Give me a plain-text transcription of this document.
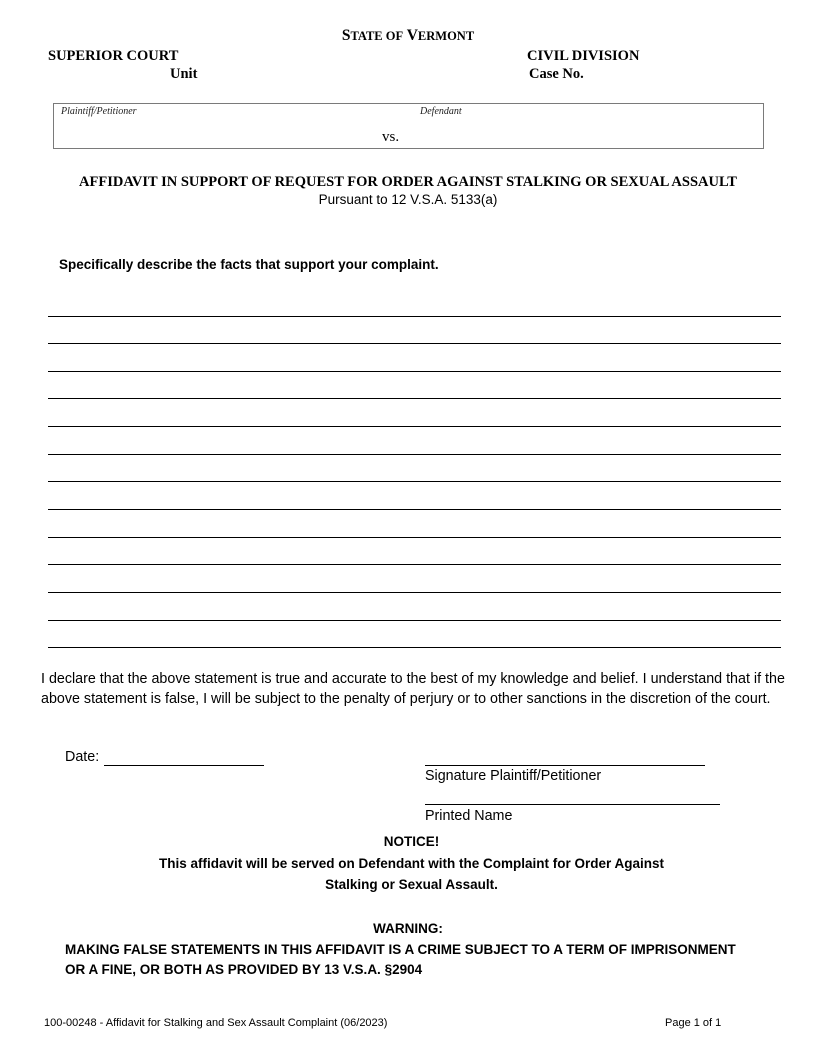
STATE OF VERMONT
SUPERIOR COURT
Unit
CIVIL DIVISION
Case No.
Plaintiff/Petitioner	Defendant
vs.
AFFIDAVIT IN SUPPORT OF REQUEST FOR ORDER AGAINST STALKING OR SEXUAL ASSAULT
Pursuant to 12 V.S.A. 5133(a)
Specifically describe the facts that support your complaint.
I declare that the above statement is true and accurate to the best of my knowledge and belief. I understand that if the above statement is false, I will be subject to the penalty of perjury or to other sanctions in the discretion of the court.
Date:
Signature Plaintiff/Petitioner
Printed Name
NOTICE!
This affidavit will be served on Defendant with the Complaint for Order Against
Stalking or Sexual Assault.
WARNING:
MAKING FALSE STATEMENTS IN THIS AFFIDAVIT IS A CRIME SUBJECT TO A TERM OF IMPRISONMENT
OR A FINE, OR BOTH AS PROVIDED BY 13 V.S.A. §2904
100-00248 - Affidavit for Stalking and Sex Assault Complaint (06/2023)	Page 1 of 1
